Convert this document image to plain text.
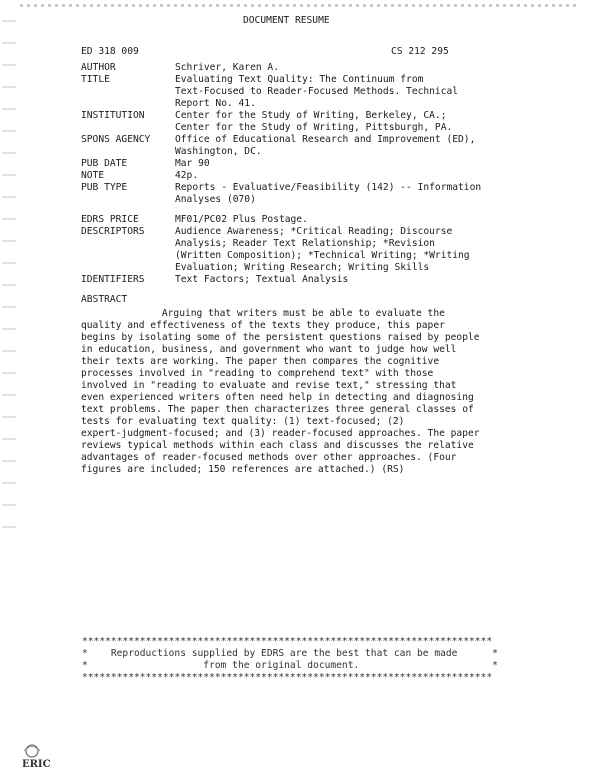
DOCUMENT RESUME
ED 318 009	CS 212 295
AUTHOR	Schriver, Karen A.
TITLE	Evaluating Text Quality: The Continuum from
Text-Focused to Reader-Focused Methods. Technical
Report No. 41.
INSTITUTION	Center for the Study of Writing, Berkeley, CA.;
Center for the Study of Writing, Pittsburgh, PA.
SPONS AGENCY	Office of Educational Research and Improvement (ED),
Washington, DC.
PUB DATE	Mar 90
NOTE	42p.
PUB TYPE	Reports - Evaluative/Feasibility (142) -- Information
Analyses (070)
EDRS PRICE	MF01/PC02 Plus Postage.
DESCRIPTORS	Audience Awareness; *Critical Reading; Discourse
Analysis; Reader Text Relationship; *Revision
(Written Composition); *Technical Writing; *Writing
Evaluation; Writing Research; Writing Skills
IDENTIFIERS	Text Factors; Textual Analysis
ABSTRACT
Arguing that writers must be able to evaluate the
quality and effectiveness of the texts they produce, this paper
begins by isolating some of the persistent questions raised by people
in education, business, and government who want to judge how well
their texts are working. The paper then compares the cognitive
processes involved in "reading to comprehend text" with those
involved in "reading to evaluate and revise text," stressing that
even experienced writers often need help in detecting and diagnosing
text problems. The paper then characterizes three general classes of
tests for evaluating text quality: (1) text-focused; (2)
expert-judgment-focused; and (3) reader-focused approaches. The paper
reviews typical methods within each class and discusses the relative
advantages of reader-focused methods over other approaches. (Four
figures are included; 150 references are attached.) (RS)
***********************************************************************
*    Reproductions supplied by EDRS are the best that can be made      *
*                    from the original document.                       *
***********************************************************************
ERIC
